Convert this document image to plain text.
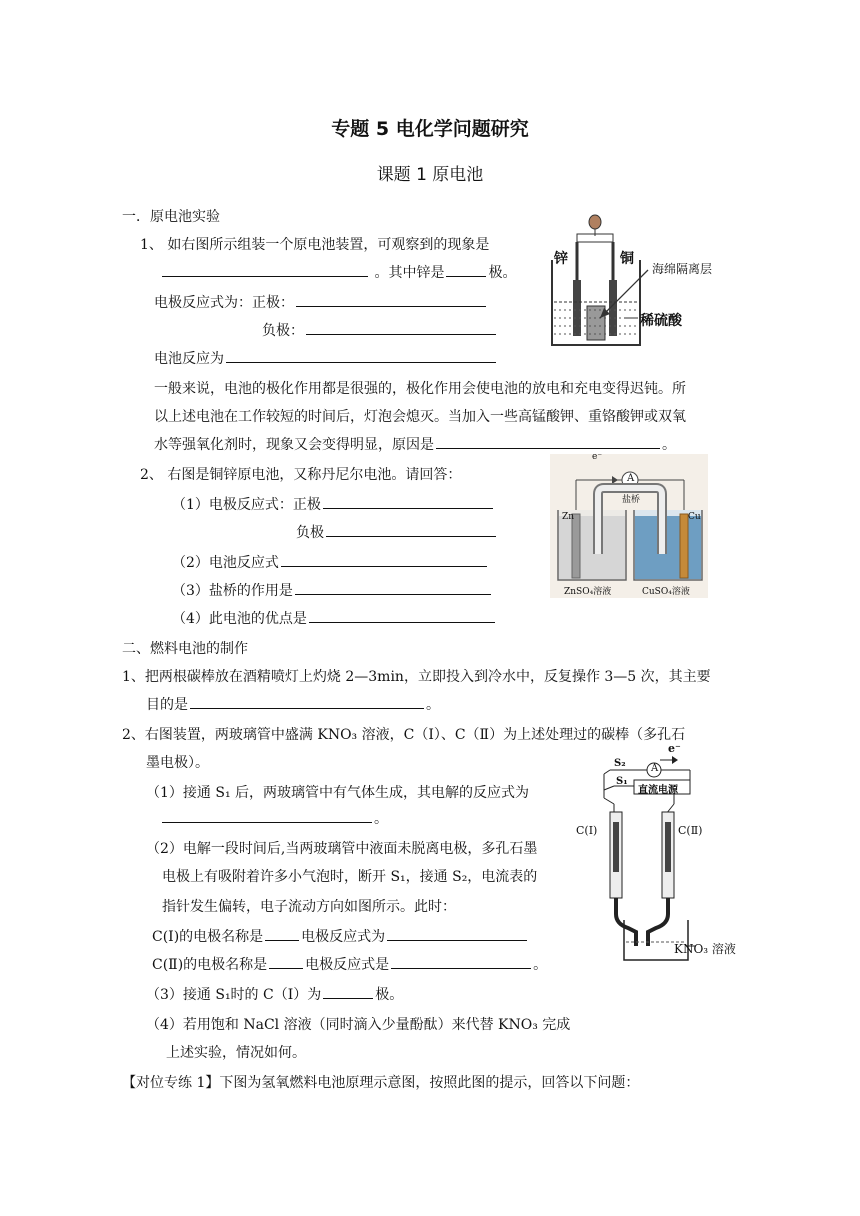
专题 5 电化学问题研究
课题 1 原电池
一．原电池实验
1、 如右图所示组装一个原电池装置，可观察到的现象是
。其中锌是	极。
电极反应式为：正极：
负极：
电池反应为
一般来说，电池的极化作用都是很强的，极化作用会使电池的放电和充电变得迟钝。所
以上述电池在工作较短的时间后，灯泡会熄灭。当加入一些高锰酸钾、重铬酸钾或双氧
水等强氧化剂时，现象又会变得明显，原因是	。
锌	铜
海绵隔离层
稀硫酸
2、 右图是铜锌原电池，又称丹尼尔电池。请回答：
（1）电极反应式：正极
负极
（2）电池反应式
（3）盐桥的作用是
（4）此电池的优点是
e⁻
A
盐桥
Zn	Cu
ZnSO₄溶液	CuSO₄溶液
二、燃料电池的制作
1、把两根碳棒放在酒精喷灯上灼烧 2—3min，立即投入到冷水中，反复操作 3—5 次，其主要
目的是	。
2、右图装置，两玻璃管中盛满 KNO₃ 溶液，C（Ⅰ）、C（Ⅱ）为上述处理过的碳棒（多孔石
墨电极）。
（1）接通 S₁ 后，两玻璃管中有气体生成，其电解的反应式为
。
（2）电解一段时间后,当两玻璃管中液面未脱离电极，多孔石墨
电极上有吸附着许多小气泡时，断开 S₁，接通 S₂，电流表的
指针发生偏转，电子流动方向如图所示。此时：
C(Ⅰ)的电极名称是	电极反应式为
C(Ⅱ)的电极名称是	电极反应式是	。
（3）接通 S₁时的 C（I）为	极。
（4）若用饱和 NaCl 溶液（同时滴入少量酚酞）来代替 KNO₃ 完成
上述实验，情况如何。
e⁻
S₂
S₁
A
直流电源
C(Ⅰ)	C(Ⅱ)
KNO₃ 溶液
【对位专练 1】下图为氢氧燃料电池原理示意图，按照此图的提示，回答以下问题：
